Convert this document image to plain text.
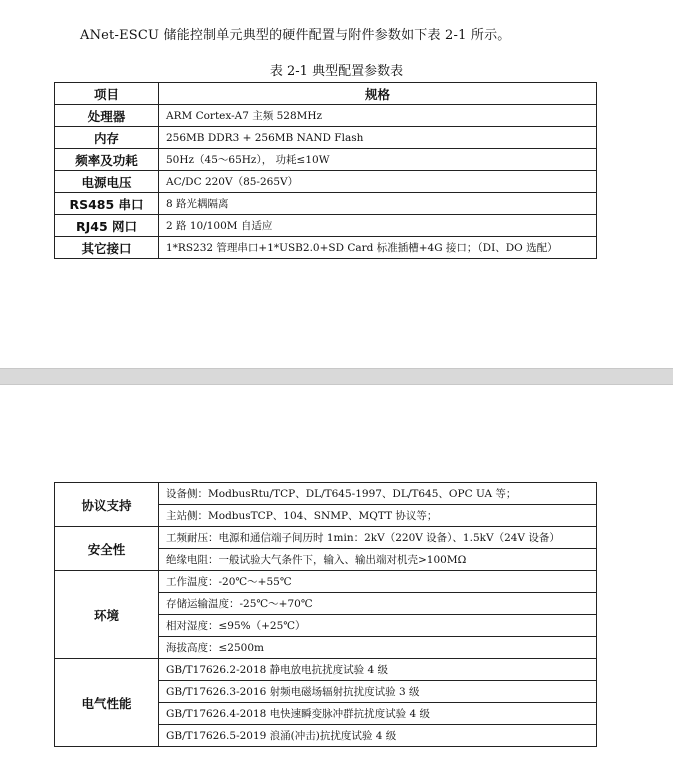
ANet-ESCU 储能控制单元典型的硬件配置与附件参数如下表 2-1 所示。
表 2-1 典型配置参数表
项目	规格
处理器	ARM Cortex-A7 主频 528MHz
内存	256MB DDR3 + 256MB NAND Flash
频率及功耗	50Hz（45～65Hz）， 功耗≤10W
电源电压	AC/DC 220V（85-265V）
RS485 串口	8 路光耦隔离
RJ45 网口	2 路 10/100M 自适应
其它接口	1*RS232 管理串口+1*USB2.0+SD Card 标准插槽+4G 接口；（DI、DO 选配）
协议支持	设备侧：ModbusRtu/TCP、DL/T645-1997、DL/T645、OPC UA 等；
	主站侧：ModbusTCP、104、SNMP、MQTT 协议等；
安全性	工频耐压：电源和通信端子间历时 1min：2kV（220V 设备）、1.5kV（24V 设备）
	绝缘电阻：一般试验大气条件下，输入、输出端对机壳>100MΩ
环境	工作温度：-20℃～+55℃
	存储运输温度：-25℃～+70℃
	相对湿度：≤95%（+25℃）
	海拔高度：≤2500m
电气性能	GB/T17626.2-2018 静电放电抗扰度试验 4 级
	GB/T17626.3-2016 射频电磁场辐射抗扰度试验 3 级
	GB/T17626.4-2018 电快速瞬变脉冲群抗扰度试验 4 级
	GB/T17626.5-2019 浪涌(冲击)抗扰度试验 4 级
